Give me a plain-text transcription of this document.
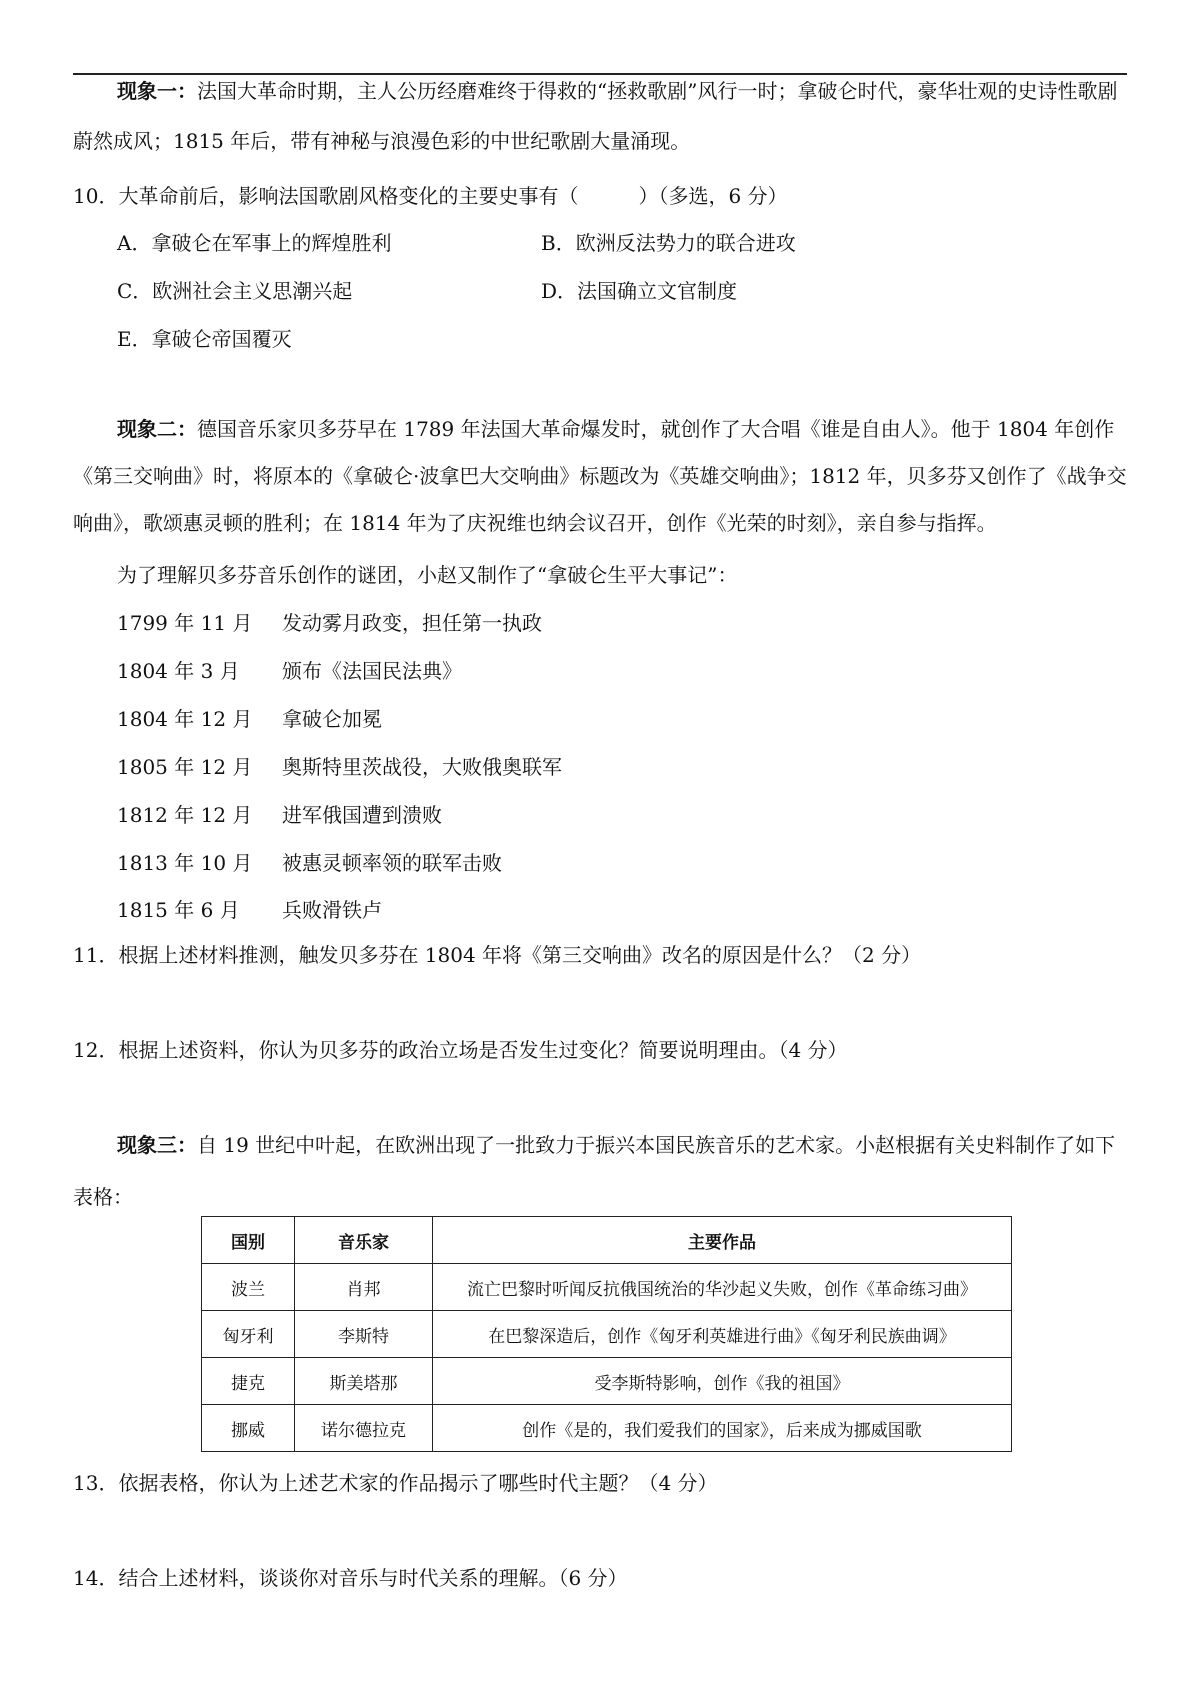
现象一：法国大革命时期，主人公历经磨难终于得救的“拯救歌剧”风行一时；拿破仑时代，豪华壮观的史诗性歌剧蔚然成风；1815 年后，带有神秘与浪漫色彩的中世纪歌剧大量涌现。

10．大革命前后，影响法国歌剧风格变化的主要史事有（　　　）（多选，6 分）
A．拿破仑在军事上的辉煌胜利	B．欧洲反法势力的联合进攻
C．欧洲社会主义思潮兴起	D．法国确立文官制度
E．拿破仑帝国覆灭

现象二：德国音乐家贝多芬早在 1789 年法国大革命爆发时，就创作了大合唱《谁是自由人》。他于 1804 年创作《第三交响曲》时，将原本的《拿破仑·波拿巴大交响曲》标题改为《英雄交响曲》；1812 年，贝多芬又创作了《战争交响曲》，歌颂惠灵顿的胜利；在 1814 年为了庆祝维也纳会议召开，创作《光荣的时刻》，亲自参与指挥。

为了理解贝多芬音乐创作的谜团，小赵又制作了“拿破仑生平大事记”：
1799 年 11 月 发动雾月政变，担任第一执政
1804 年 3 月 颁布《法国民法典》
1804 年 12 月 拿破仑加冕
1805 年 12 月 奥斯特里茨战役，大败俄奥联军
1812 年 12 月 进军俄国遭到溃败
1813 年 10 月 被惠灵顿率领的联军击败
1815 年 6 月 兵败滑铁卢
11．根据上述材料推测，触发贝多芬在 1804 年将《第三交响曲》改名的原因是什么？（2 分）
12．根据上述资料，你认为贝多芬的政治立场是否发生过变化？简要说明理由。（4 分）

现象三：自 19 世纪中叶起，在欧洲出现了一批致力于振兴本国民族音乐的艺术家。小赵根据有关史料制作了如下表格：

国别	音乐家	主要作品
波兰	肖邦	流亡巴黎时听闻反抗俄国统治的华沙起义失败，创作《革命练习曲》
匈牙利	李斯特	在巴黎深造后，创作《匈牙利英雄进行曲》《匈牙利民族曲调》
捷克	斯美塔那	受李斯特影响，创作《我的祖国》
挪威	诺尔德拉克	创作《是的，我们爱我们的国家》，后来成为挪威国歌
13．依据表格，你认为上述艺术家的作品揭示了哪些时代主题？（4 分）
14．结合上述材料，谈谈你对音乐与时代关系的理解。（6 分）
